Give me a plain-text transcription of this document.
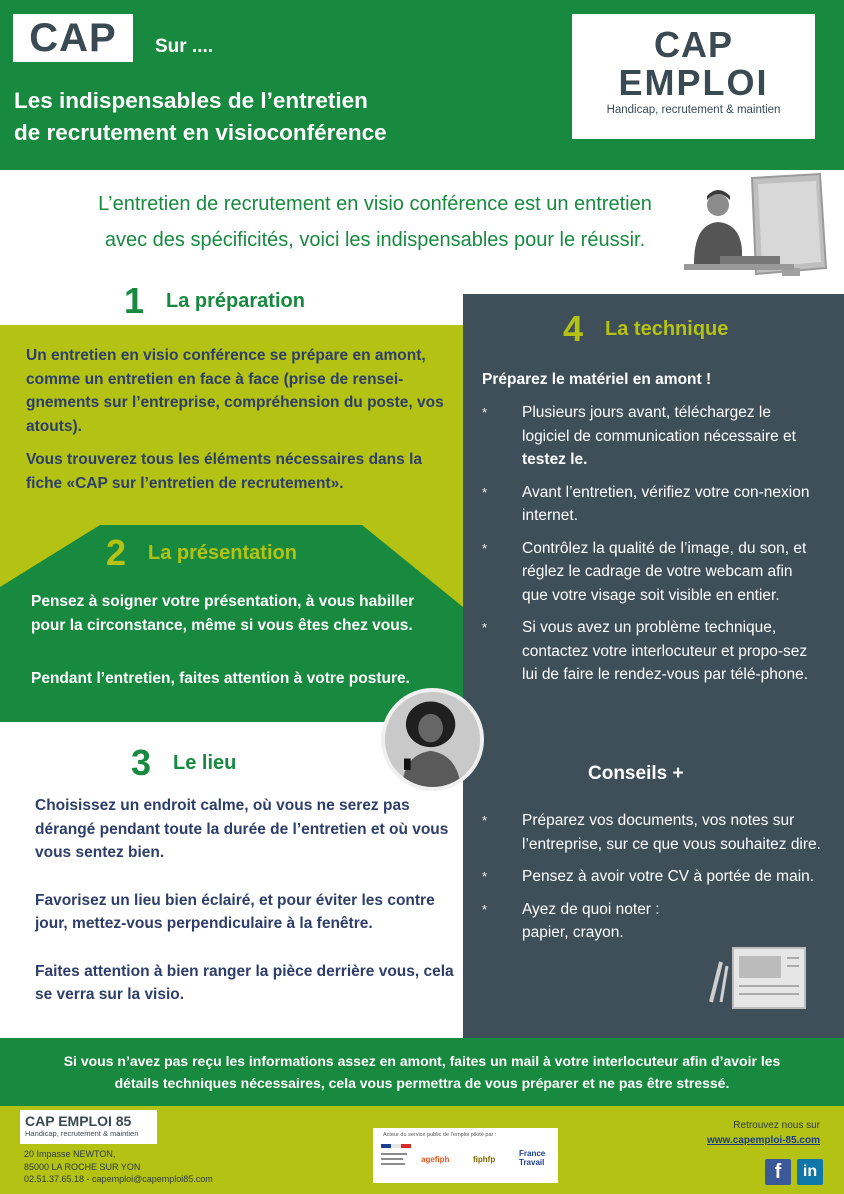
CAP Sur ....
Les indispensables de l’entretien
de recrutement en visioconférence
CAP
EMPLOI
Handicap, recrutement & maintien
L’entretien de recrutement en visio conférence est un entretien
avec des spécificités, voici les indispensables pour le réussir.
1 La préparation

Un entretien en visio conférence se prépare en amont, comme un entretien en face à face (prise de rensei-gnements sur l’entreprise, compréhension du poste, vos atouts).

Vous trouverez tous les éléments nécessaires dans la fiche «CAP sur l’entretien de recrutement».

2 La présentation

Pensez à soigner votre présentation, à vous habiller pour la circonstance, même si vous êtes chez vous.

Pendant l’entretien, faites attention à votre posture.

3 Le lieu

Choisissez un endroit calme, où vous ne serez pas dérangé pendant toute la durée de l’entretien et où vous vous sentez bien.

Favorisez un lieu bien éclairé, et pour éviter les contre jour, mettez-vous perpendiculaire à la fenêtre.

Faites attention à bien ranger la pièce derrière vous, cela se verra sur la visio.

4 La technique
Préparez le matériel en amont !
* Plusieurs jours avant, téléchargez le logiciel de communication nécessaire et testez le.
* Avant l’entretien, vérifiez votre con-nexion internet.
* Contrôlez la qualité de l’image, du son, et réglez le cadrage de votre webcam afin que votre visage soit visible en entier.
* Si vous avez un problème technique, contactez votre interlocuteur et propo-sez lui de faire le rendez-vous par télé-phone.
Conseils +
* Préparez vos documents, vos notes sur l’entreprise, sur ce que vous souhaitez dire.
* Pensez à avoir votre CV à portée de main.
* Ayez de quoi noter : papier, crayon.
Si vous n’avez pas reçu les informations assez en amont, faites un mail à votre interlocuteur afin d’avoir les
détails techniques nécessaires, cela vous permettra de vous préparer et ne pas être stressé.
CAP EMPLOI 85
Handicap, recrutement & maintien
20 Impasse NEWTON,
85000 LA ROCHE SUR YON
02.51.37.65.18 - capemploi@capemploi85.com
Acteur du service public de l’emploi piloté par :
agefiph	fiphfp
France Travail
Retrouvez nous sur
www.capemploi-85.com
f	in
